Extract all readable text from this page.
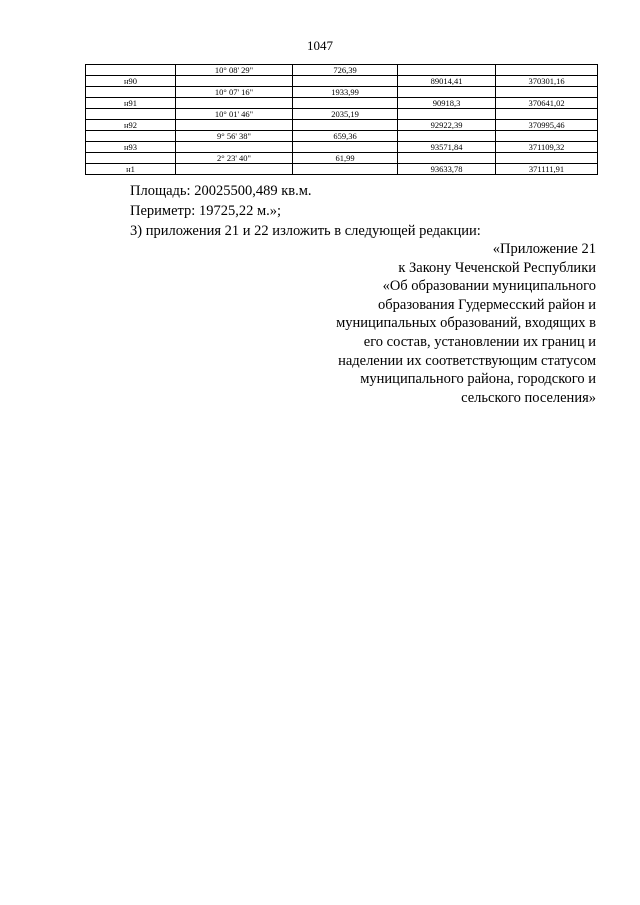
1047
	10° 08' 29"	726,39		
н90			89014,41	370301,16
	10° 07' 16"	1933,99		
н91			90918,3	370641,02
	10° 01' 46"	2035,19		
н92			92922,39	370995,46
	9° 56' 38"	659,36		
н93			93571,84	371109,32
	2° 23' 40"	61,99		
н1			93633,78	371111,91
Площадь: 20025500,489 кв.м.
Периметр: 19725,22 м.»;
3) приложения 21 и 22 изложить в следующей редакции:
«Приложение 21
к Закону Чеченской Республики
«Об образовании муниципального
образования Гудермесский район и
муниципальных образований, входящих в
его состав, установлении их границ и
наделении их соответствующим статусом
муниципального района, городского и
сельского поселения»
